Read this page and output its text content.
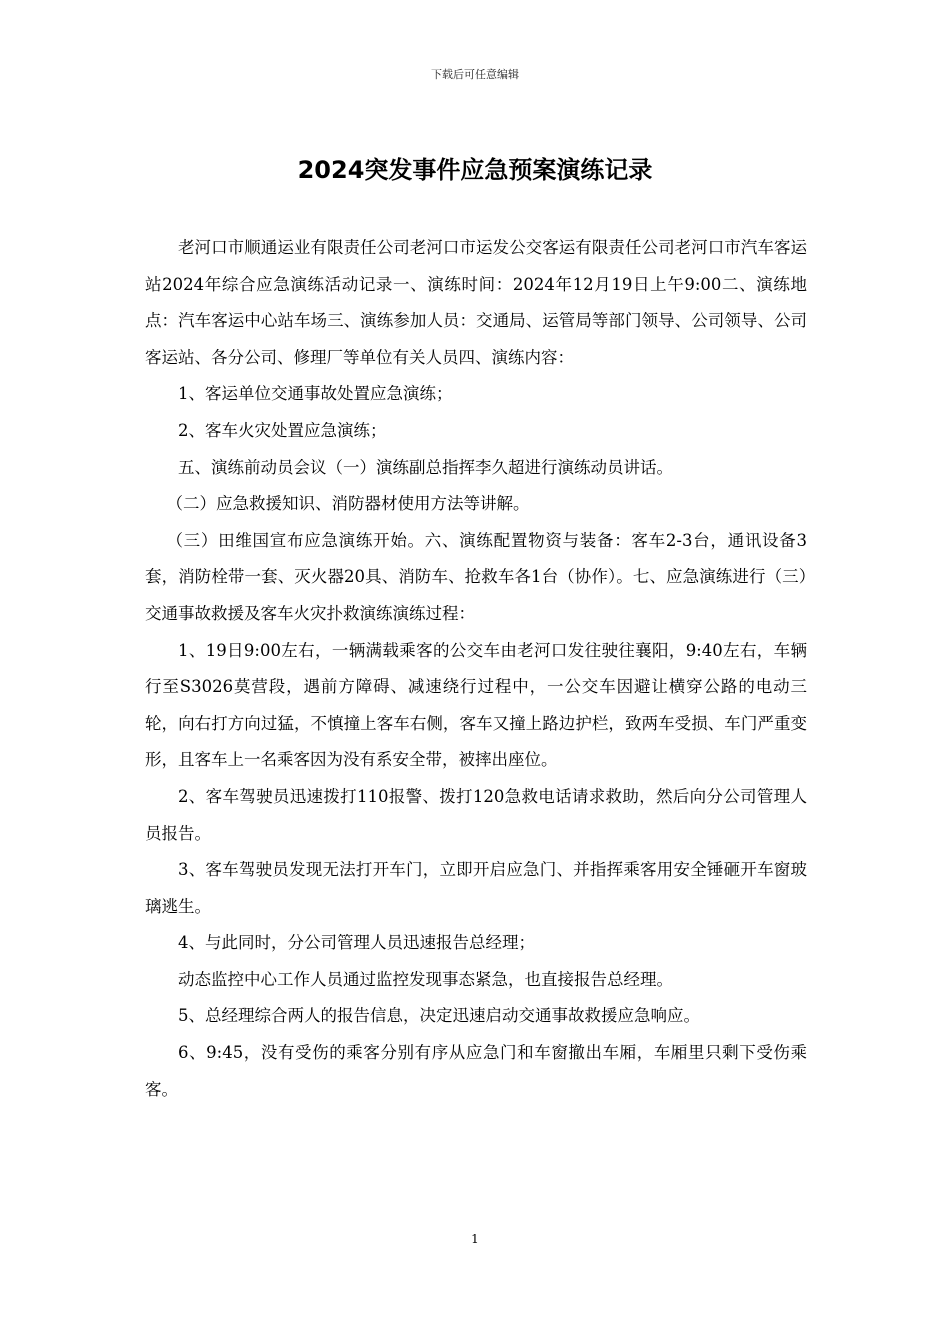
下载后可任意编辑
2024突发事件应急预案演练记录

老河口市顺通运业有限责任公司老河口市运发公交客运有限责任公司老河口市汽车客运站2024年综合应急演练活动记录一、演练时间：2024年12月19日上午9:00二、演练地点：汽车客运中心站车场三、演练参加人员：交通局、运管局等部门领导、公司领导、公司客运站、各分公司、修理厂等单位有关人员四、演练内容：

1、客运单位交通事故处置应急演练；

2、客车火灾处置应急演练；

五、演练前动员会议（一）演练副总指挥李久超进行演练动员讲话。

（二）应急救援知识、消防器材使用方法等讲解。

（三）田维国宣布应急演练开始。六、演练配置物资与装备：客车2-3台，通讯设备3套，消防栓带一套、灭火器20具、消防车、抢救车各1台（协作）。七、应急演练进行（三）交通事故救援及客车火灾扑救演练演练过程：

1、19日9:00左右，一辆满载乘客的公交车由老河口发往驶往襄阳，9:40左右，车辆行至S3026莫营段，遇前方障碍、减速绕行过程中，一公交车因避让横穿公路的电动三轮，向右打方向过猛，不慎撞上客车右侧，客车又撞上路边护栏，致两车受损、车门严重变形，且客车上一名乘客因为没有系安全带，被摔出座位。

2、客车驾驶员迅速拨打110报警、拨打120急救电话请求救助，然后向分公司管理人员报告。

3、客车驾驶员发现无法打开车门，立即开启应急门、并指挥乘客用安全锤砸开车窗玻璃逃生。

4、与此同时，分公司管理人员迅速报告总经理；

动态监控中心工作人员通过监控发现事态紧急，也直接报告总经理。

5、总经理综合两人的报告信息，决定迅速启动交通事故救援应急响应。

6、9:45，没有受伤的乘客分别有序从应急门和车窗撤出车厢，车厢里只剩下受伤乘客。

1
